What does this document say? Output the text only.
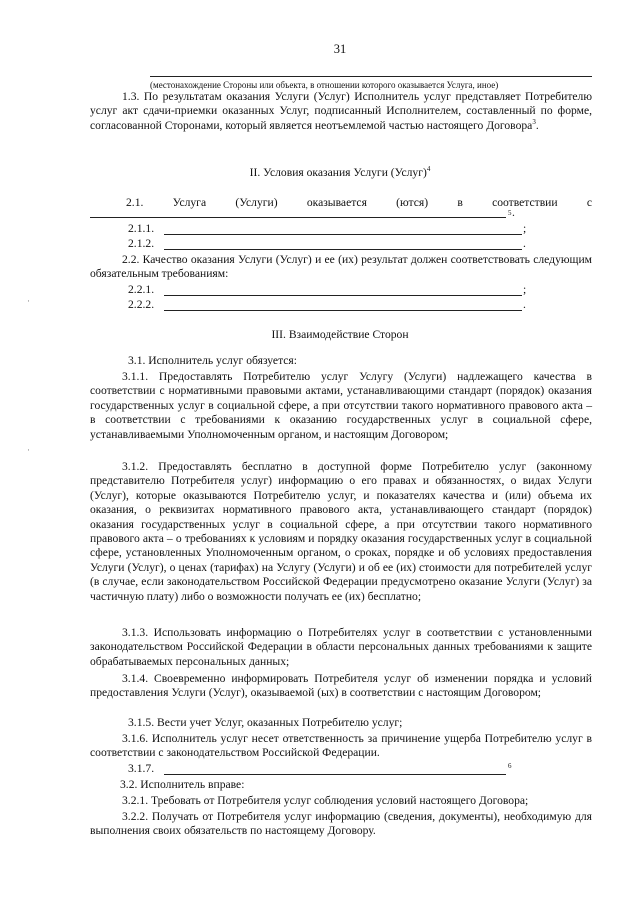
31
(местонахождение Стороны или объекта, в отношении которого оказывается Услуга, иное)

1.3. По результатам оказания Услуги (Услуг) Исполнитель услуг представляет Потребителю услуг акт сдачи-приемки оказанных Услуг, подписанный Исполнителем, составленный по форме, согласованной Сторонами, который является неотъемлемой частью настоящего Договора$^3$.

II. Условия оказания Услуги (Услуг)$^4$
2.1.	Услуга	(Услуги)	оказывается	(ются)	в	соответствии	с
5 .
2.1.1.	;
2.1.2.	.

2.2. Качество оказания Услуги (Услуг) и ее (их) результат должен соответствовать следующим обязательным требованиям:

2.2.1.	;
2.2.2.	.
III. Взаимодействие Сторон
3.1. Исполнитель услуг обязуется:

3.1.1. Предоставлять Потребителю услуг Услугу (Услуги) надлежащего качества в соответствии с нормативными правовыми актами, устанавливающими стандарт (порядок) оказания государственных услуг в социальной сфере, а при отсутствии такого нормативного правового акта – в соответствии с требованиями к оказанию государственных услуг в социальной сфере, устанавливаемыми Уполномоченным органом, и настоящим Договором;

3.1.2. Предоставлять бесплатно в доступной форме Потребителю услуг (законному представителю Потребителя услуг) информацию о его правах и обязанностях, о видах Услуги (Услуг), которые оказываются Потребителю услуг, и показателях качества и (или) объема их оказания, о реквизитах нормативного правового акта, устанавливающего стандарт (порядок) оказания государственных услуг в социальной сфере, а при отсутствии такого нормативного правового акта – о требованиях к условиям и порядку оказания государственных услуг в социальной сфере, установленных Уполномоченным органом, о сроках, порядке и об условиях предоставления Услуги (Услуг), о ценах (тарифах) на Услугу (Услуги) и об ее (их) стоимости для потребителей услуг (в случае, если законодательством Российской Федерации предусмотрено оказание Услуги (Услуг) за частичную плату) либо о возможности получать ее (их) бесплатно;

3.1.3. Использовать информацию о Потребителях услуг в соответствии с установленными законодательством Российской Федерации в области персональных данных требованиями к защите обрабатываемых персональных данных;

3.1.4. Своевременно информировать Потребителя услуг об изменении порядка и условий предоставления Услуги (Услуг), оказываемой (ых) в соответствии с настоящим Договором;

3.1.5. Вести учет Услуг, оказанных Потребителю услуг;

3.1.6. Исполнитель услуг несет ответственность за причинение ущерба Потребителю услуг в соответствии с законодательством Российской Федерации.

3.1.7.	6
3.2. Исполнитель вправе:

3.2.1. Требовать от Потребителя услуг соблюдения условий настоящего Договора;

3.2.2. Получать от Потребителя услуг информацию (сведения, документы), необходимую для выполнения своих обязательств по настоящему Договору.

·
·
